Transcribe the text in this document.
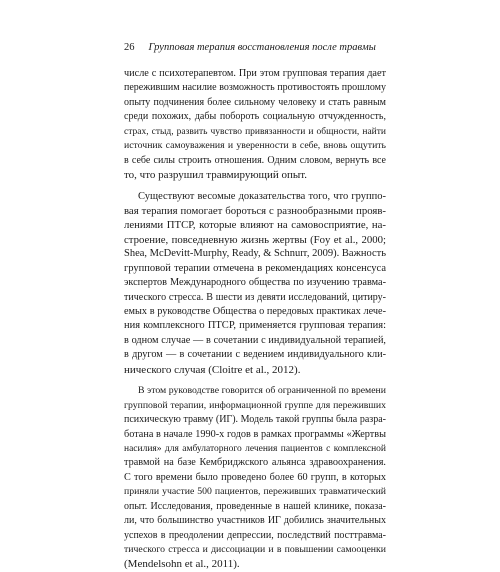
26 Групповая терапия восстановления после травмы
числе с психотерапевтом. При этом групповая терапия дает
пережившим насилие возможность противостоять прошлому
опыту подчинения более сильному человеку и стать равным
среди похожих, дабы побороть социальную отчужденность,
страх, стыд, развить чувство привязанности и общности, найти
источник самоуважения и уверенности в себе, вновь ощутить
в себе силы строить отношения. Одним словом, вернуть все
то, что разрушил травмирующий опыт.
Существуют весомые доказательства того, что группо-
вая терапия помогает бороться с разнообразными прояв-
лениями ПТСР, которые влияют на самовосприятие, на-
строение, повседневную жизнь жертвы (Foy et al., 2000;
Shea, McDevitt-Murphy, Ready, & Schnurr, 2009). Важность
групповой терапии отмечена в рекомендациях консенсуса
экспертов Международного общества по изучению травма-
тического стресса. В шести из девяти исследований, цитиру-
емых в руководстве Общества о передовых практиках лече-
ния комплексного ПТСР, применяется групповая терапия:
в одном случае — в сочетании с индивидуальной терапией,
в другом — в сочетании с ведением индивидуального кли-
нического случая (Cloitre et al., 2012).
В этом руководстве говорится об ограниченной по времени
групповой терапии, информационной группе для переживших
психическую травму (ИГ). Модель такой группы была разра-
ботана в начале 1990-х годов в рамках программы «Жертвы
насилия» для амбулаторного лечения пациентов с комплексной
травмой на базе Кембриджского альянса здравоохранения.
С того времени было проведено более 60 групп, в которых
приняли участие 500 пациентов, переживших травматический
опыт. Исследования, проведенные в нашей клинике, показа-
ли, что большинство участников ИГ добились значительных
успехов в преодолении депрессии, последствий посттравма-
тического стресса и диссоциации и в повышении самооценки
(Mendelsohn et al., 2011).
